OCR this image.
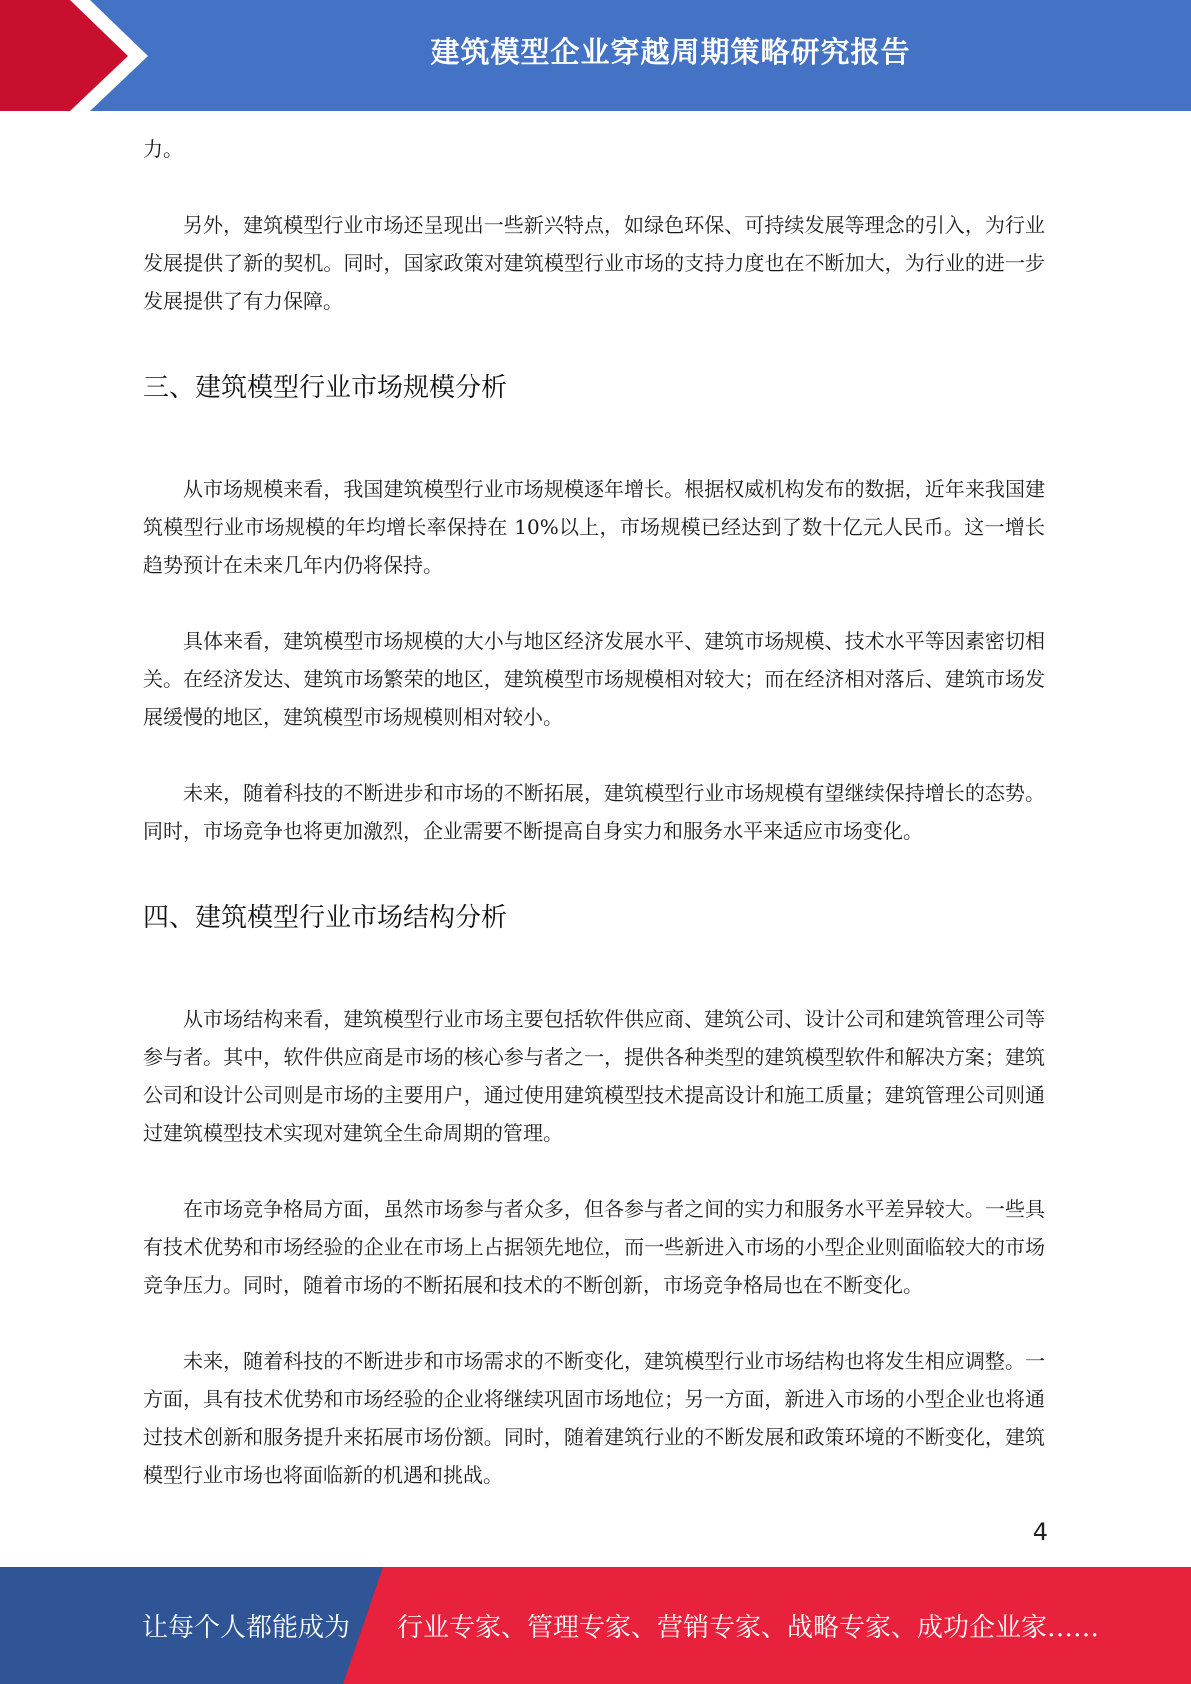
建筑模型企业穿越周期策略研究报告

力。

另外，建筑模型行业市场还呈现出一些新兴特点，如绿色环保、可持续发展等理念的引入，为行业发展提供了新的契机。同时，国家政策对建筑模型行业市场的支持力度也在不断加大，为行业的进一步发展提供了有力保障。

三、建筑模型行业市场规模分析

从市场规模来看，我国建筑模型行业市场规模逐年增长。根据权威机构发布的数据，近年来我国建筑模型行业市场规模的年均增长率保持在 10%以上，市场规模已经达到了数十亿元人民币。这一增长趋势预计在未来几年内仍将保持。

具体来看，建筑模型市场规模的大小与地区经济发展水平、建筑市场规模、技术水平等因素密切相关。在经济发达、建筑市场繁荣的地区，建筑模型市场规模相对较大；而在经济相对落后、建筑市场发展缓慢的地区，建筑模型市场规模则相对较小。

未来，随着科技的不断进步和市场的不断拓展，建筑模型行业市场规模有望继续保持增长的态势。同时，市场竞争也将更加激烈，企业需要不断提高自身实力和服务水平来适应市场变化。

四、建筑模型行业市场结构分析

从市场结构来看，建筑模型行业市场主要包括软件供应商、建筑公司、设计公司和建筑管理公司等参与者。其中，软件供应商是市场的核心参与者之一，提供各种类型的建筑模型软件和解决方案；建筑公司和设计公司则是市场的主要用户，通过使用建筑模型技术提高设计和施工质量；建筑管理公司则通过建筑模型技术实现对建筑全生命周期的管理。

在市场竞争格局方面，虽然市场参与者众多，但各参与者之间的实力和服务水平差异较大。一些具有技术优势和市场经验的企业在市场上占据领先地位，而一些新进入市场的小型企业则面临较大的市场竞争压力。同时，随着市场的不断拓展和技术的不断创新，市场竞争格局也在不断变化。

未来，随着科技的不断进步和市场需求的不断变化，建筑模型行业市场结构也将发生相应调整。一方面，具有技术优势和市场经验的企业将继续巩固市场地位；另一方面，新进入市场的小型企业也将通过技术创新和服务提升来拓展市场份额。同时，随着建筑行业的不断发展和政策环境的不断变化，建筑模型行业市场也将面临新的机遇和挑战。

4
让每个人都能成为 行业专家、管理专家、营销专家、战略专家、成功企业家……
